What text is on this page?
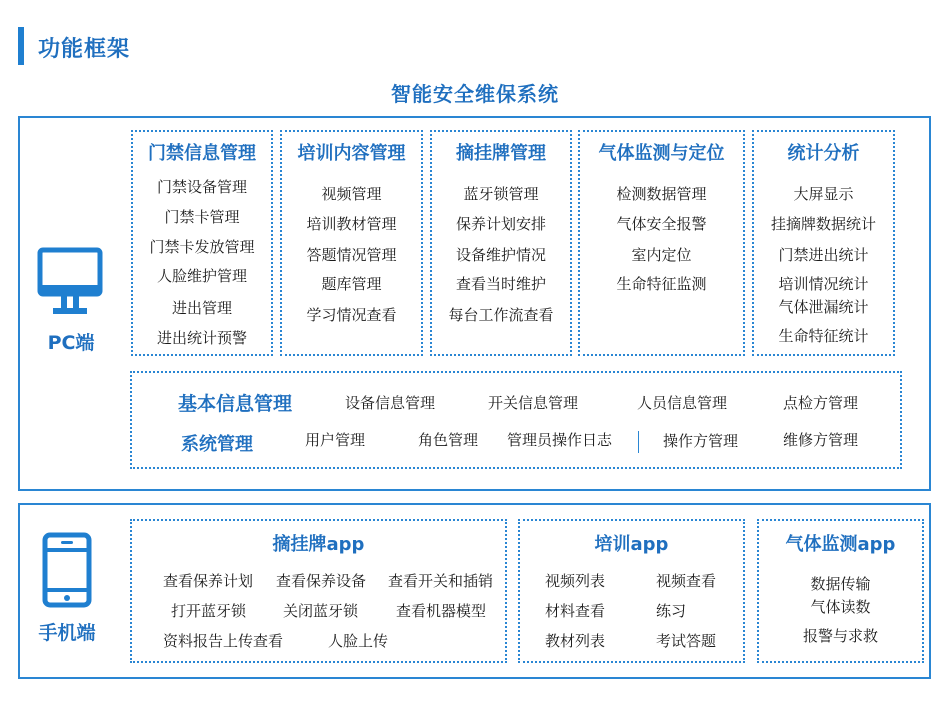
功能框架
智能安全维保系统
PC端
门禁信息管理
门禁设备管理
门禁卡管理
门禁卡发放管理
人脸维护管理
进出管理
进出统计预警
培训内容管理
视频管理
培训教材管理
答题情况管理
题库管理
学习情况查看
摘挂牌管理
蓝牙锁管理
保养计划安排
设备维护情况
查看当时维护
每台工作流查看
气体监测与定位
检测数据管理
气体安全报警
室内定位
生命特征监测
统计分析
大屏显示
挂摘牌数据统计
门禁进出统计
培训情况统计
气体泄漏统计
生命特征统计
基本信息管理	设备信息管理	开关信息管理	人员信息管理	点检方管理
系统管理	用户管理	角色管理 管理员操作日志	操作方管理	维修方管理
手机端
摘挂牌app
查看保养计划 查看保养设备 查看开关和插销
打开蓝牙锁 关闭蓝牙锁	查看机器模型
资料报告上传查看	人脸上传
培训app
视频列表	视频查看
材料查看	练习
教材列表	考试答题
气体监测app
数据传输
气体读数
报警与求救
